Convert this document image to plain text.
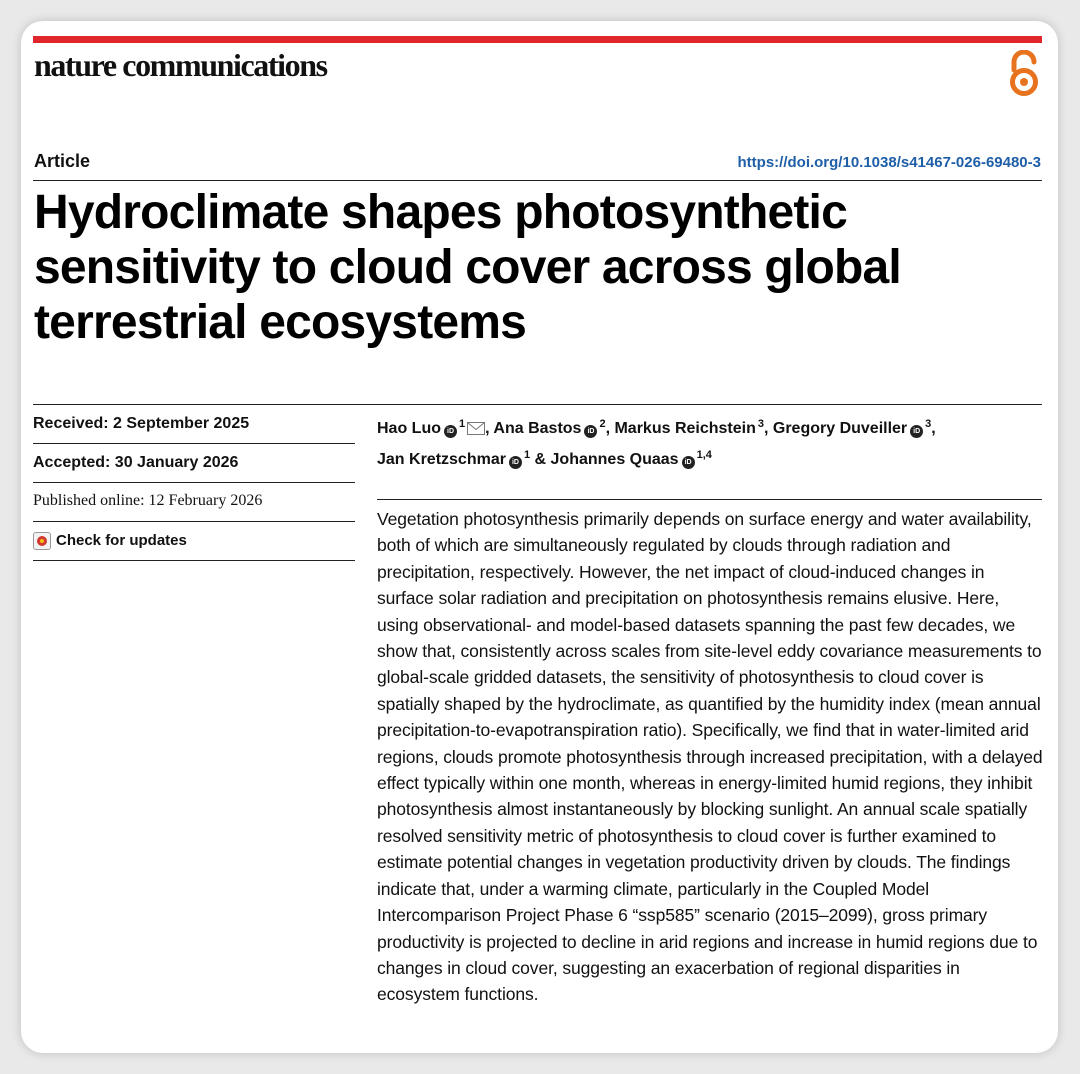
nature communications
Article	https://doi.org/10.1038/s41467-026-69480-3
Hydroclimate shapes photosynthetic sensitivity to cloud cover across global terrestrial ecosystems
Received: 2 September 2025
Accepted: 30 January 2026
Published online: 12 February 2026
Check for updates
Hao Luo iD$^1$ , Ana Bastos iD$^2$, Markus Reichstein $^3$, Gregory Duveiller iD$^3$,
Jan Kretzschmar iD$^1$ & Johannes Quaas iD$^{1,4}$

Vegetation photosynthesis primarily depends on surface energy and water availability, both of which are simultaneously regulated by clouds through radiation and precipitation, respectively. However, the net impact of cloud-induced changes in surface solar radiation and precipitation on photosynthesis remains elusive. Here, using observational- and model-based datasets spanning the past few decades, we show that, consistently across scales from site-level eddy covariance measurements to global-scale gridded datasets, the sensitivity of photosynthesis to cloud cover is spatially shaped by the hydroclimate, as quantified by the humidity index (mean annual precipitation-to-evapotranspiration ratio). Specifically, we find that in water-limited arid regions, clouds promote photosynthesis through increased precipitation, with a delayed effect typically within one month, whereas in energy-limited humid regions, they inhibit photosynthesis almost instantaneously by blocking sunlight. An annual scale spatially resolved sensitivity metric of photosynthesis to cloud cover is further examined to estimate potential changes in vegetation productivity driven by clouds. The findings indicate that, under a warming climate, particularly in the Coupled Model Intercomparison Project Phase 6 “ssp585” scenario (2015–2099), gross primary productivity is projected to decline in arid regions and increase in humid regions due to changes in cloud cover, suggesting an exacerbation of regional disparities in ecosystem functions.
